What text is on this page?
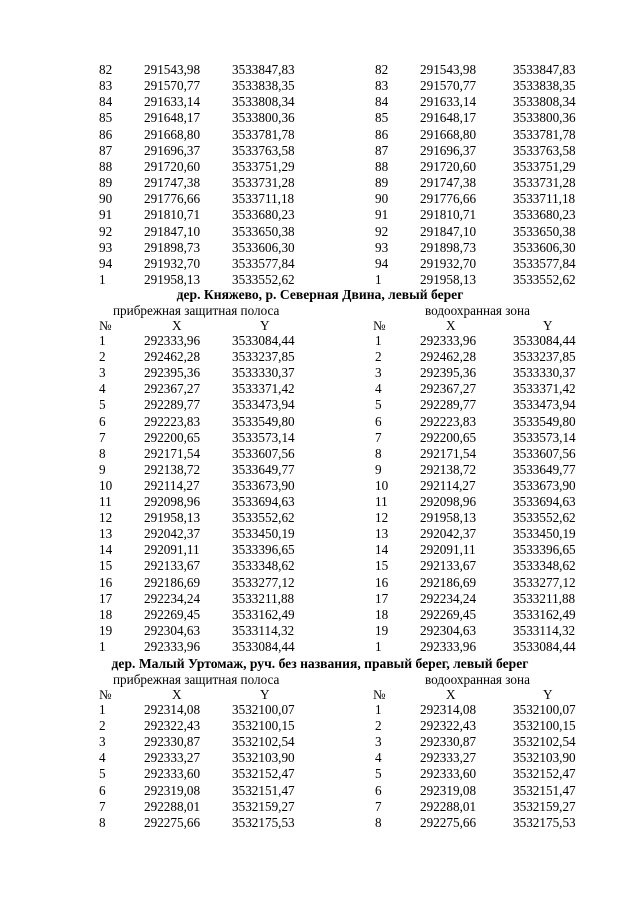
82 291543,98 3533847,83	82 291543,98	3533847,83
83 291570,77 3533838,35	83 291570,77	3533838,35
84 291633,14 3533808,34	84 291633,14	3533808,34
85 291648,17 3533800,36	85 291648,17	3533800,36
86 291668,80 3533781,78	86 291668,80	3533781,78
87 291696,37 3533763,58	87 291696,37	3533763,58
88 291720,60 3533751,29	88 291720,60	3533751,29
89 291747,38 3533731,28	89 291747,38	3533731,28
90 291776,66 3533711,18	90 291776,66	3533711,18
91 291810,71 3533680,23	91 291810,71	3533680,23
92 291847,10 3533650,38	92 291847,10	3533650,38
93 291898,73 3533606,30	93 291898,73	3533606,30
94 291932,70 3533577,84	94 291932,70	3533577,84
1	291958,13 3533552,62	1	291958,13	3533552,62
дер. Княжево, р. Северная Двина, левый берег
прибрежная защитная полоса	водоохранная зона
№	X	Y	№	X	Y
1	292333,96 3533084,44	1	292333,96	3533084,44
2	292462,28 3533237,85	2	292462,28	3533237,85
3	292395,36 3533330,37	3	292395,36	3533330,37
4	292367,27 3533371,42	4	292367,27	3533371,42
5	292289,77 3533473,94	5	292289,77	3533473,94
6	292223,83 3533549,80	6	292223,83	3533549,80
7	292200,65 3533573,14	7	292200,65	3533573,14
8	292171,54 3533607,56	8	292171,54	3533607,56
9	292138,72 3533649,77	9	292138,72	3533649,77
10 292114,27 3533673,90	10 292114,27	3533673,90
11 292098,96 3533694,63	11 292098,96	3533694,63
12 291958,13 3533552,62	12 291958,13	3533552,62
13 292042,37 3533450,19	13 292042,37	3533450,19
14 292091,11 3533396,65	14 292091,11	3533396,65
15 292133,67 3533348,62	15 292133,67	3533348,62
16 292186,69 3533277,12	16 292186,69	3533277,12
17 292234,24 3533211,88	17 292234,24	3533211,88
18 292269,45 3533162,49	18 292269,45	3533162,49
19 292304,63 3533114,32	19 292304,63	3533114,32
1	292333,96 3533084,44	1	292333,96	3533084,44
дер. Малый Уртомаж, руч. без названия, правый берег, левый берег
прибрежная защитная полоса	водоохранная зона
№	X	Y	№	X	Y
1	292314,08 3532100,07	1	292314,08	3532100,07
2	292322,43 3532100,15	2	292322,43	3532100,15
3	292330,87 3532102,54	3	292330,87	3532102,54
4	292333,27 3532103,90	4	292333,27	3532103,90
5	292333,60 3532152,47	5	292333,60	3532152,47
6	292319,08 3532151,47	6	292319,08	3532151,47
7	292288,01 3532159,27	7	292288,01	3532159,27
8	292275,66 3532175,53	8	292275,66	3532175,53
